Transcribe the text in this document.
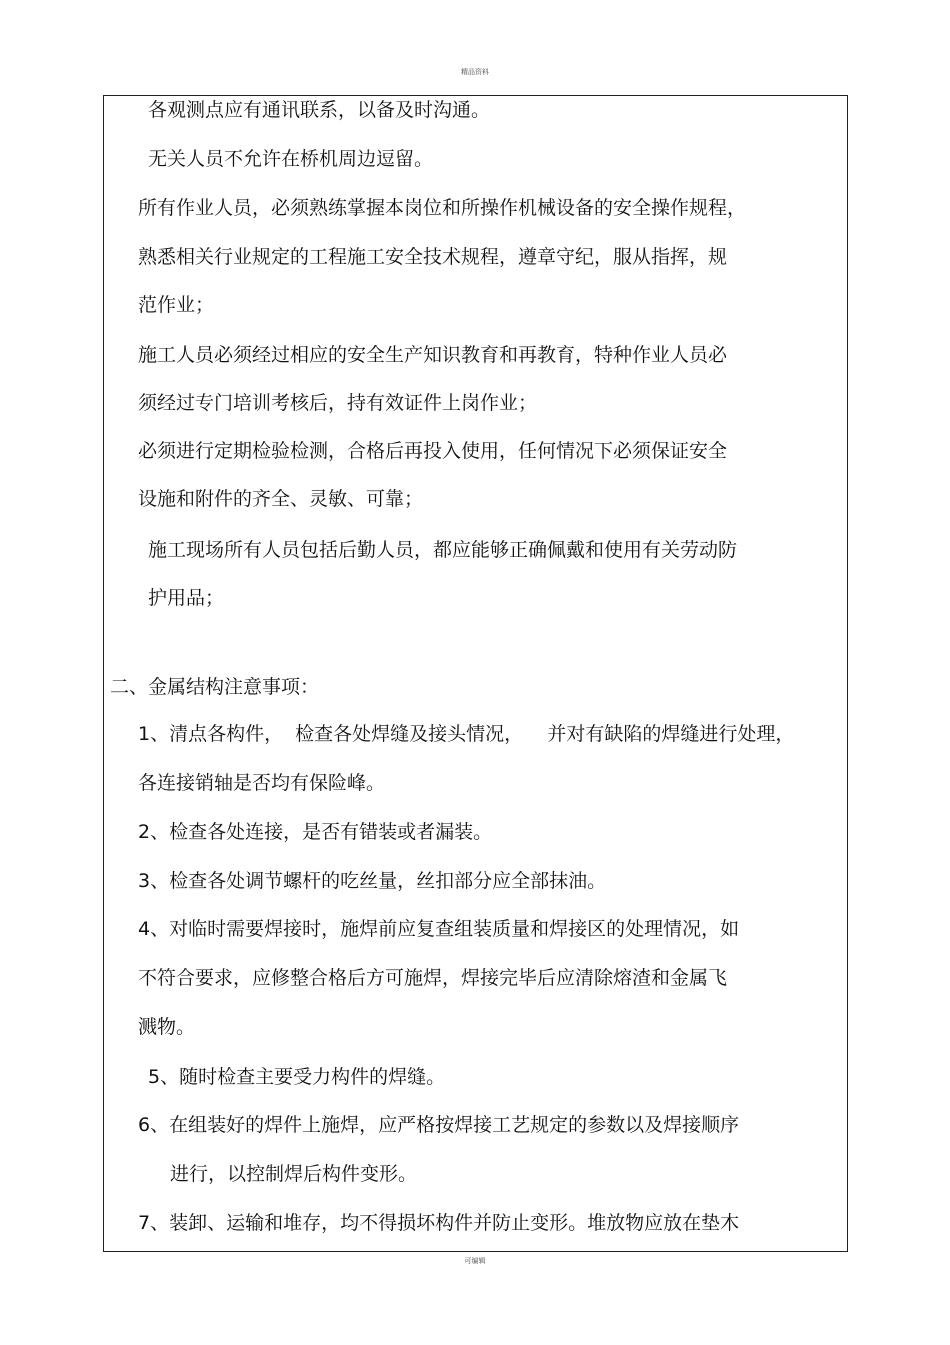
精品资料
各观测点应有通讯联系，以备及时沟通。
无关人员不允许在桥机周边逗留。
所有作业人员，必须熟练掌握本岗位和所操作机械设备的安全操作规程，
熟悉相关行业规定的工程施工安全技术规程，遵章守纪，服从指挥，规
范作业；
施工人员必须经过相应的安全生产知识教育和再教育，特种作业人员必
须经过专门培训考核后，持有效证件上岗作业；
必须进行定期检验检测，合格后再投入使用，任何情况下必须保证安全
设施和附件的齐全、灵敏、可靠；
施工现场所有人员包括后勤人员，都应能够正确佩戴和使用有关劳动防
护用品；
二、金属结构注意事项：
1、清点各构件，  检查各处焊缝及接头情况，    并对有缺陷的焊缝进行处理，
各连接销轴是否均有保险峰。
2、检查各处连接，是否有错装或者漏装。
3、检查各处调节螺杆的吃丝量，丝扣部分应全部抹油。
4、对临时需要焊接时，施焊前应复查组装质量和焊接区的处理情况，如
不符合要求，应修整合格后方可施焊，焊接完毕后应清除熔渣和金属飞
溅物。
5、随时检查主要受力构件的焊缝。
6、在组装好的焊件上施焊，应严格按焊接工艺规定的参数以及焊接顺序
进行，以控制焊后构件变形。
7、装卸、运输和堆存，均不得损坏构件并防止变形。堆放物应放在垫木
可编辑
